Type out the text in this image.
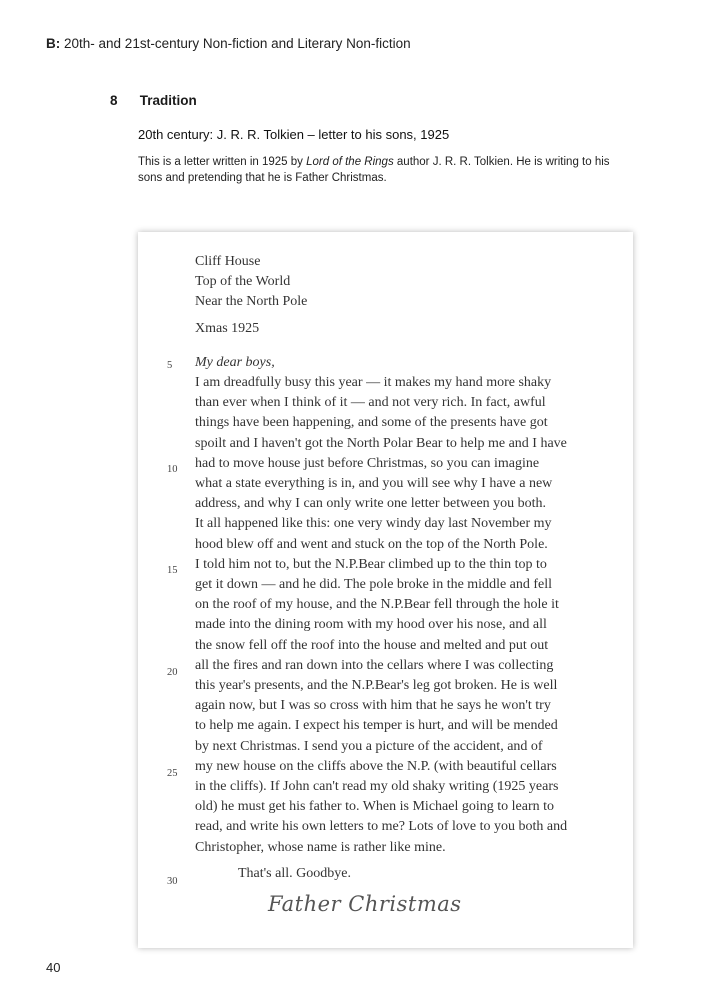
B: 20th- and 21st-century Non-fiction and Literary Non-fiction
8 Tradition
20th century: J. R. R. Tolkien – letter to his sons, 1925
This is a letter written in 1925 by Lord of the Rings author J. R. R. Tolkien. He is writing to his sons and pretending that he is Father Christmas.
Cliff House
Top of the World
Near the North Pole
Xmas 1925
My dear boys,
I am dreadfully busy this year — it makes my hand more shaky
than ever when I think of it — and not very rich. In fact, awful
things have been happening, and some of the presents have got
spoilt and I haven't got the North Polar Bear to help me and I have
had to move house just before Christmas, so you can imagine
what a state everything is in, and you will see why I have a new
address, and why I can only write one letter between you both.
It all happened like this: one very windy day last November my
hood blew off and went and stuck on the top of the North Pole.
I told him not to, but the N.P.Bear climbed up to the thin top to
get it down — and he did. The pole broke in the middle and fell
on the roof of my house, and the N.P.Bear fell through the hole it
made into the dining room with my hood over his nose, and all
the snow fell off the roof into the house and melted and put out
all the fires and ran down into the cellars where I was collecting
this year's presents, and the N.P.Bear's leg got broken. He is well
again now, but I was so cross with him that he says he won't try
to help me again. I expect his temper is hurt, and will be mended
by next Christmas. I send you a picture of the accident, and of
my new house on the cliffs above the N.P. (with beautiful cellars
in the cliffs). If John can't read my old shaky writing (1925 years
old) he must get his father to. When is Michael going to learn to
read, and write his own letters to me? Lots of love to you both and
Christopher, whose name is rather like mine.
That's all. Goodbye.
Father Christmas
5
10
15
20
25
30
40
